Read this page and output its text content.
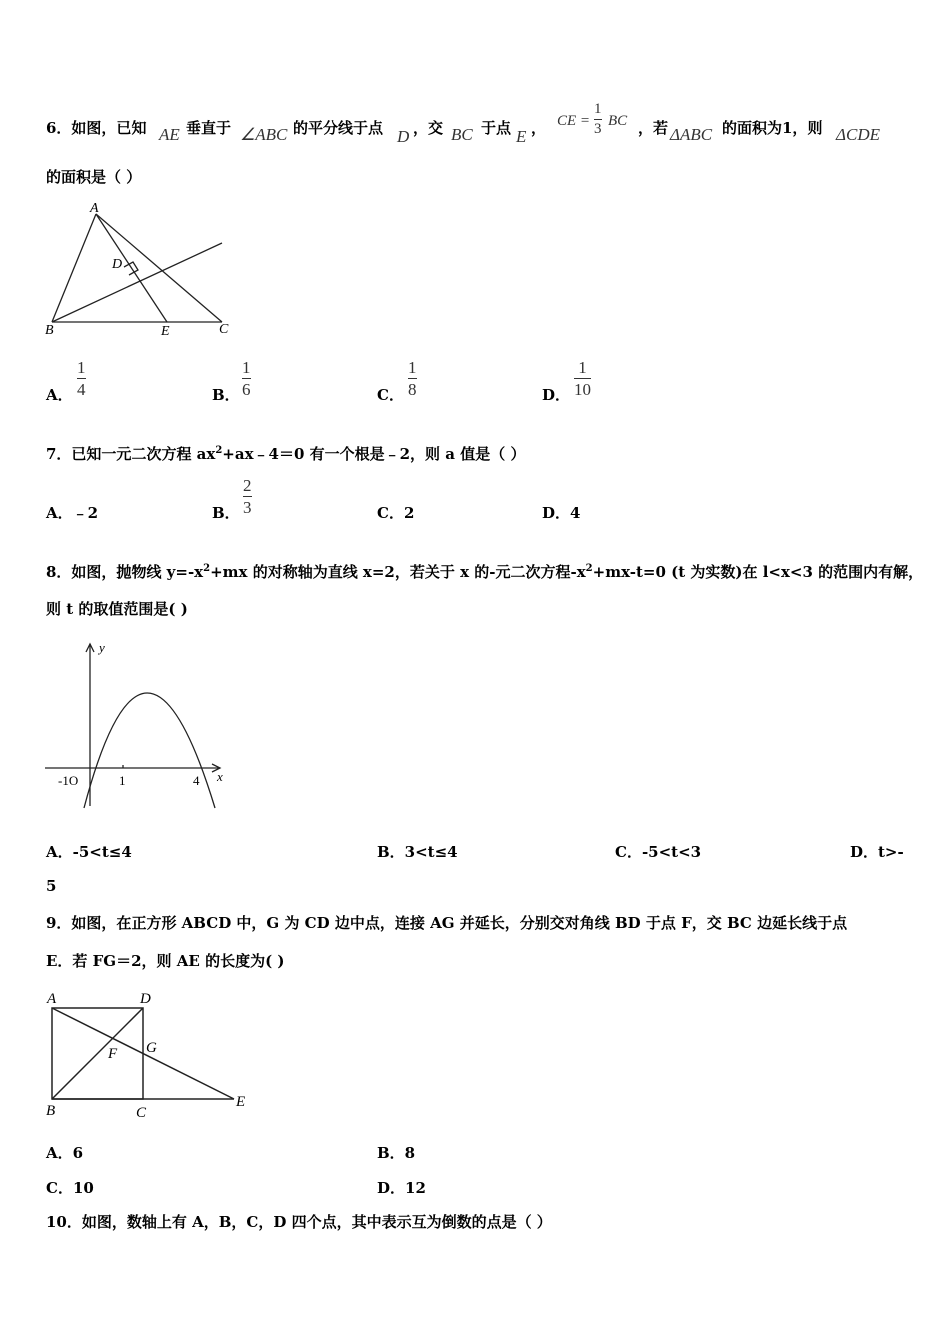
6．如图，已知 AE 垂直于 ∠ABC 的平分线于点 D ，交 BC 于点 E ， CE =
1
3 BC ，若 ΔABC 的面积为1，则 ΔCDE
的面积是（ ）
A
D
B	E	C
A．
1
4	B．
1
6	C．
1
8	D．
1
10
7．已知一元二次方程 $ax^2+ax﹣4=0$ 有一个根是﹣2，则 a 值是（ ）
A．﹣2	B．
2
3	C．2	D．4
8．如图，抛物线 $y=-x^2+mx$ 的对称轴为直线 x=2，若关于 x 的-元二次方程$-x^2+mx-t=0$ (t 为实数)在 l<x<3 的范围内有解，
则 t 的取值范围是( )
y
x
-1O	1	4
A．-5<t≤4	B．3<t≤4	C．-5<t<3	D．t>-
5
9．如图，在正方形 ABCD 中，G 为 CD 边中点，连接 AG 并延长，分别交对角线 BD 于点 F，交 BC 边延长线于点
E．若 FG＝2，则 AE 的长度为( )
A	D
F G
B	C
E
A．6	B．8
C．10	D．12
10．如图，数轴上有 A，B，C，D 四个点，其中表示互为倒数的点是（ ）
